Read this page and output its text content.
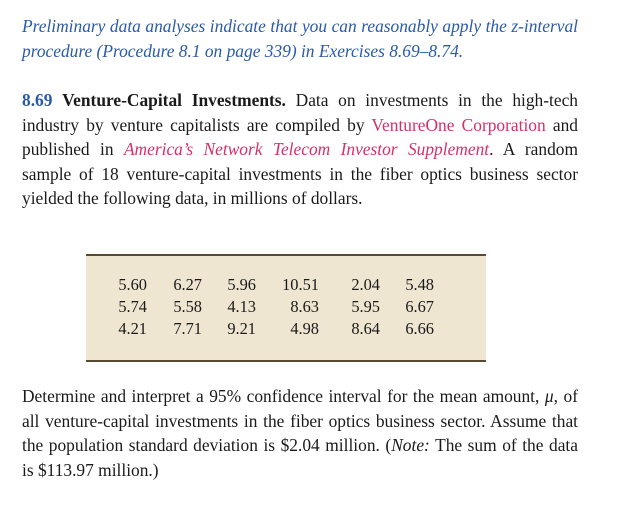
Preliminary data analyses indicate that you can reasonably apply the z-interval procedure (Procedure 8.1 on page 339) in Exercises 8.69–8.74.

8.69 Venture-Capital Investments. Data on investments in the high-tech industry by venture capitalists are compiled by VentureOne Corporation and published in America’s Network Telecom Investor Supplement. A random sample of 18 venture-capital investments in the fiber optics business sector yielded the following data, in millions of dollars.

5.60	6.27	5.96	10.51	2.04	5.48
5.74	5.58	4.13	8.63	5.95	6.67
4.21	7.71	9.21	4.98	8.64	6.66

Determine and interpret a 95% confidence interval for the mean amount, μ, of all venture-capital investments in the fiber optics business sector. Assume that the population standard deviation is $2.04 million. (Note: The sum of the data is $113.97 million.)
